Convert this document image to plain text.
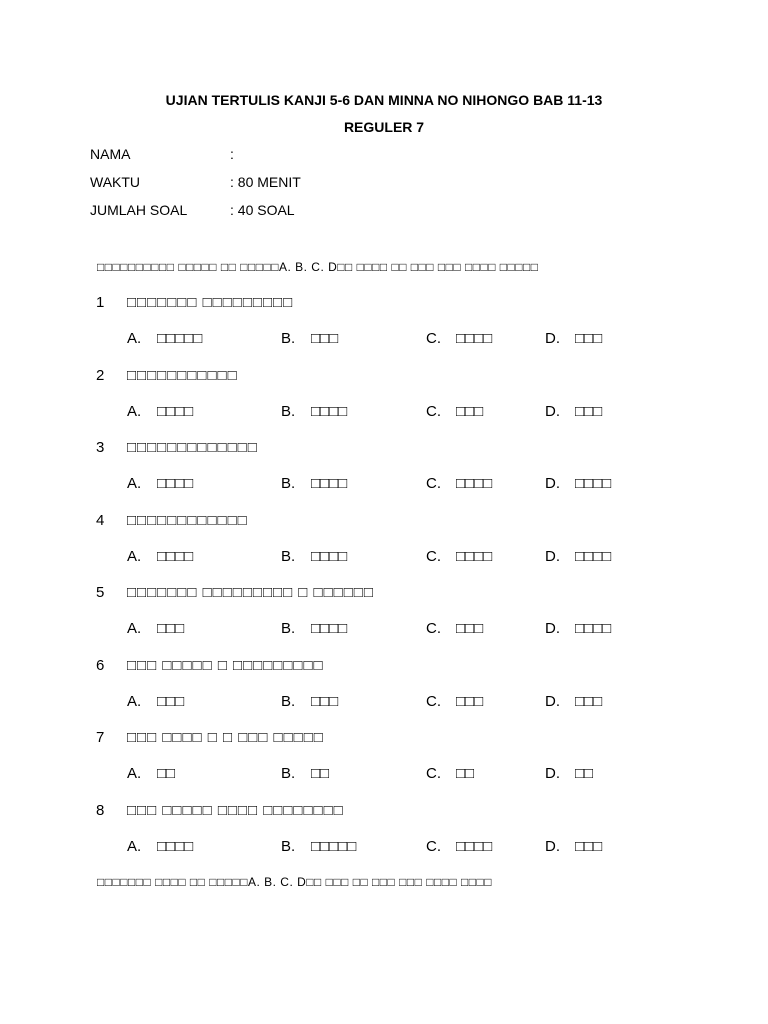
UJIAN TERTULIS KANJI 5-6 DAN MINNA NO NIHONGO BAB 11-13
REGULER 7
NAMA	:
WAKTU	: 80 MENIT
JUMLAH SOAL	: 40 SOAL
□□□□□□□□□□ □□□□□ □□ □□□□□A. B. C. D□□ □□□□ □□ □□□ □□□ □□□□ □□□□□
1 □□□□□□□ □□□□□□□□□
A. □□□□□	B. □□□	C. □□□□	D. □□□
2 □□□□□□□□□□□
A. □□□□	B. □□□□	C. □□□	D. □□□
3 □□□□□□□□□□□□□
A. □□□□	B. □□□□	C. □□□□	D. □□□□
4 □□□□□□□□□□□□
A. □□□□	B. □□□□	C. □□□□	D. □□□□
5 □□□□□□□ □□□□□□□□□ □ □□□□□□
A. □□□	B. □□□□	C. □□□	D. □□□□
6 □□□ □□□□□ □ □□□□□□□□□
A. □□□	B. □□□	C. □□□	D. □□□
7 □□□ □□□□ □ □ □□□ □□□□□
A. □□	B. □□	C. □□	D. □□
8 □□□ □□□□□ □□□□ □□□□□□□□
A. □□□□	B. □□□□□	C. □□□□	D. □□□
□□□□□□□ □□□□ □□ □□□□□A. B. C. D□□ □□□ □□ □□□ □□□ □□□□ □□□□
